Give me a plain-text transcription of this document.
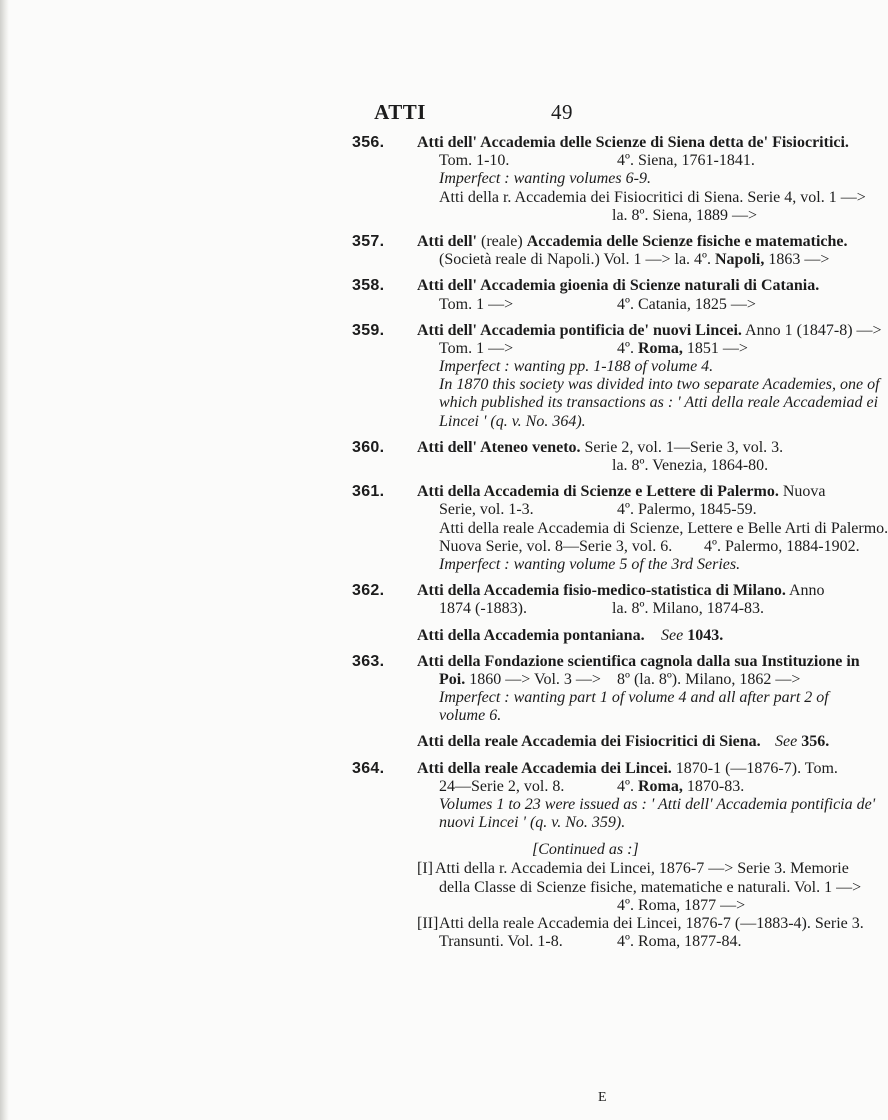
ATTI	49
356. Atti dell' Accademia delle Scienze di Siena detta de' Fisiocritici.
Tom. 1-10.	4º. Siena, 1761-1841.
Imperfect : wanting volumes 6-9.
Atti della r. Accademia dei Fisiocritici di Siena. Serie 4, vol. 1 —>
la. 8º. Siena, 1889 —>
357. Atti dell' (reale) Accademia delle Scienze fisiche e matematiche.
(Società reale di Napoli.) Vol. 1 —> la. 4º. Napoli, 1863 —>
358. Atti dell' Accademia gioenia di Scienze naturali di Catania.
Tom. 1 —>	4º. Catania, 1825 —>
359. Atti dell' Accademia pontificia de' nuovi Lincei. Anno 1 (1847-8) —>
Tom. 1 —>	4º. Roma, 1851 —>
Imperfect : wanting pp. 1-188 of volume 4.
In 1870 this society was divided into two separate Academies, one of
which published its transactions as : ' Atti della reale Accademiad ei
Lincei ' (q. v. No. 364).
360. Atti dell' Ateneo veneto. Serie 2, vol. 1—Serie 3, vol. 3.
la. 8º. Venezia, 1864-80.
361. Atti della Accademia di Scienze e Lettere di Palermo. Nuova
Serie, vol. 1-3.	4º. Palermo, 1845-59.
Atti della reale Accademia di Scienze, Lettere e Belle Arti di Palermo.
Nuova Serie, vol. 8—Serie 3, vol. 6. 4º. Palermo, 1884-1902.
Imperfect : wanting volume 5 of the 3rd Series.
362. Atti della Accademia fisio-medico-statistica di Milano. Anno
1874 (-1883).	la. 8º. Milano, 1874-83.
Atti della Accademia pontaniana. See 1043.
363. Atti della Fondazione scientifica cagnola dalla sua Instituzione in
Poi. 1860 —> Vol. 3 —> 8º (la. 8º). Milano, 1862 —>
Imperfect : wanting part 1 of volume 4 and all after part 2 of
volume 6.
Atti della reale Accademia dei Fisiocritici di Siena. See 356.
364. Atti della reale Accademia dei Lincei. 1870-1 (—1876-7). Tom.
24—Serie 2, vol. 8.	4º. Roma, 1870-83.
Volumes 1 to 23 were issued as : ' Atti dell' Accademia pontificia de'
nuovi Lincei ' (q. v. No. 359).
[Continued as :]
[I] Atti della r. Accademia dei Lincei, 1876-7 —> Serie 3. Memorie
della Classe di Scienze fisiche, matematiche e naturali. Vol. 1 —>
4º. Roma, 1877 —>
[II] Atti della reale Accademia dei Lincei, 1876-7 (—1883-4). Serie 3.
Transunti. Vol. 1-8.	4º. Roma, 1877-84.
E
